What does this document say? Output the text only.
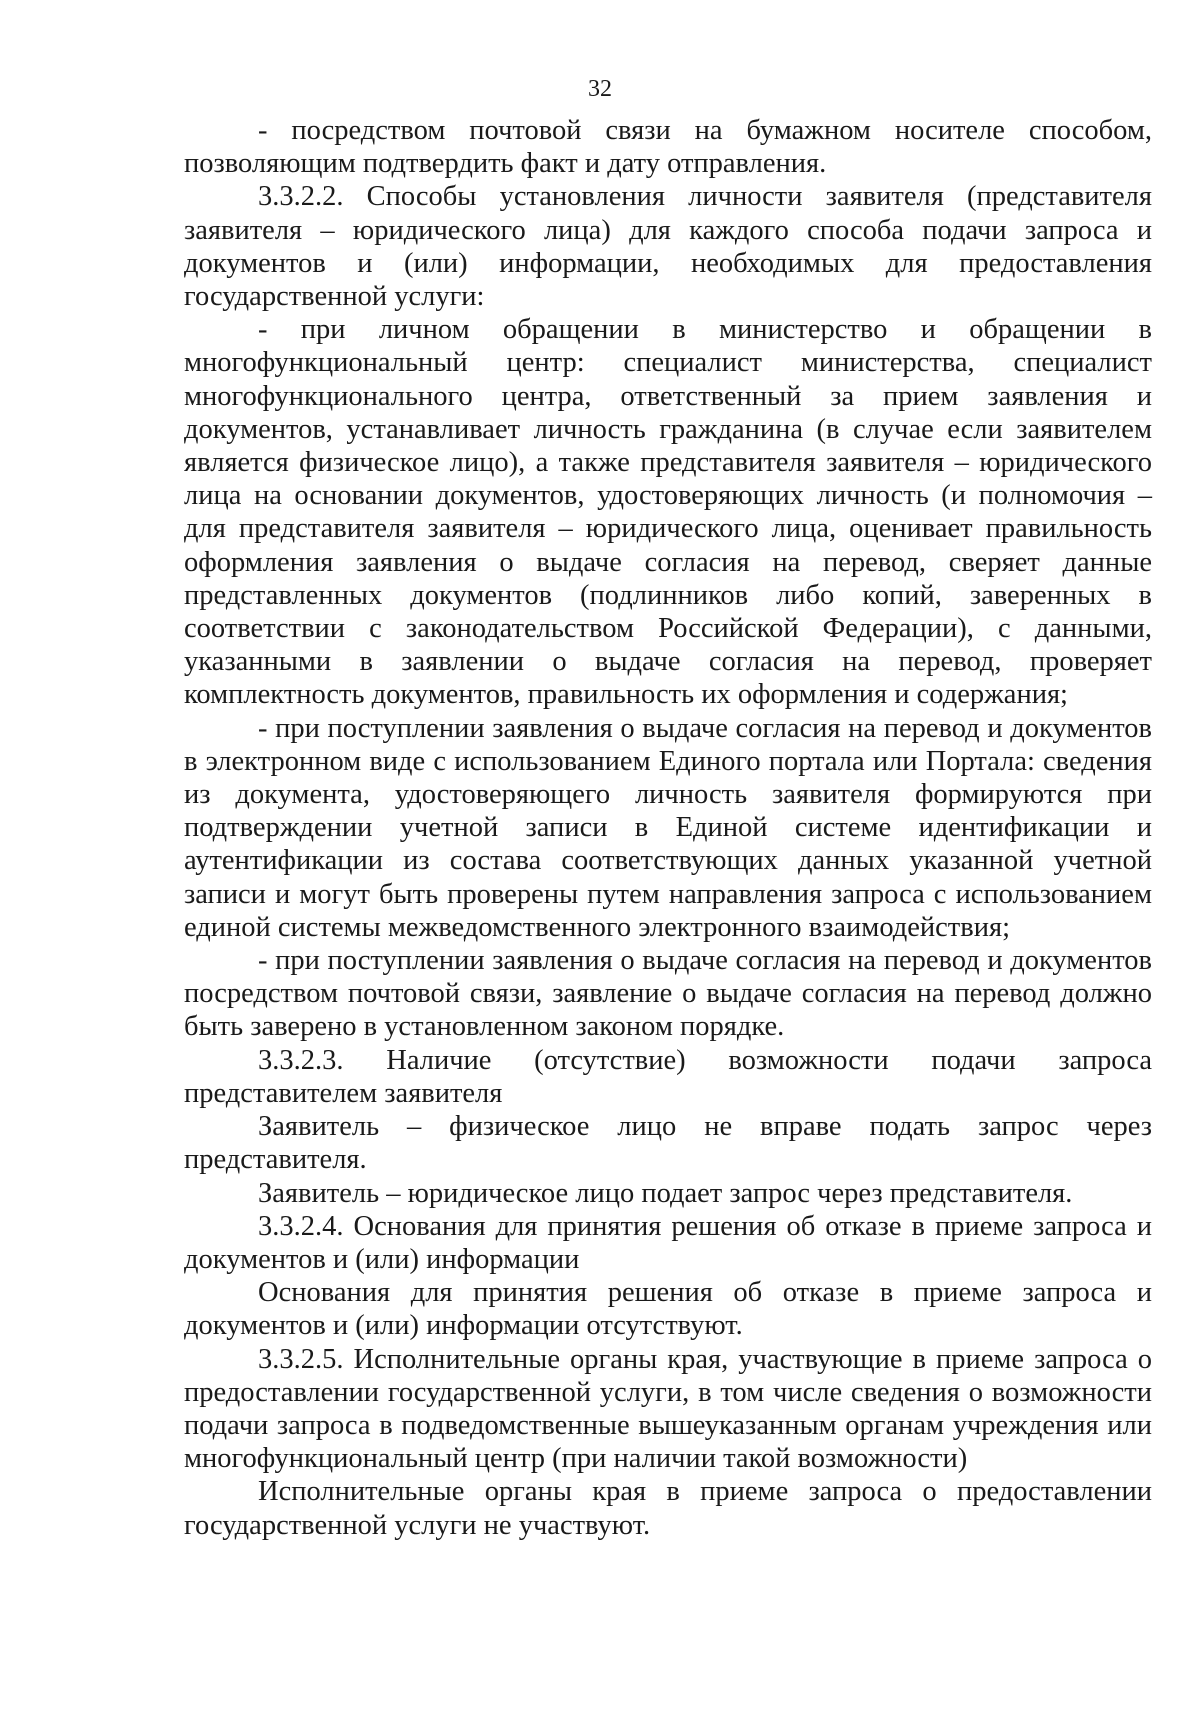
32

- посредством почтовой связи на бумажном носителе способом, позволяющим подтвердить факт и дату отправления.

3.3.2.2. Способы установления личности заявителя (представителя заявителя – юридического лица) для каждого способа подачи запроса и документов и (или) информации, необходимых для предоставления государственной услуги:

- при личном обращении в министерство и обращении в многофункциональный центр: специалист министерства, специалист многофункционального центра, ответственный за прием заявления и документов, устанавливает личность гражданина (в случае если заявителем является физическое лицо), а также представителя заявителя – юридического лица на основании документов, удостоверяющих личность (и полномочия – для представителя заявителя – юридического лица, оценивает правильность оформления заявления о выдаче согласия на перевод, сверяет данные представленных документов (подлинников либо копий, заверенных в соответствии с законодательством Российской Федерации), с данными, указанными в заявлении о выдаче согласия на перевод, проверяет комплектность документов, правильность их оформления и содержания;

- при поступлении заявления о выдаче согласия на перевод и документов в электронном виде с использованием Единого портала или Портала: сведения из документа, удостоверяющего личность заявителя формируются при подтверждении учетной записи в Единой системе идентификации и аутентификации из состава соответствующих данных указанной учетной записи и могут быть проверены путем направления запроса с использованием единой системы межведомственного электронного взаимодействия;

- при поступлении заявления о выдаче согласия на перевод и документов посредством почтовой связи, заявление о выдаче согласия на перевод должно быть заверено в установленном законом порядке.

3.3.2.3. Наличие (отсутствие) возможности подачи запроса представителем заявителя

Заявитель – физическое лицо не вправе подать запрос через представителя.

Заявитель – юридическое лицо подает запрос через представителя.

3.3.2.4. Основания для принятия решения об отказе в приеме запроса и документов и (или) информации

Основания для принятия решения об отказе в приеме запроса и документов и (или) информации отсутствуют.

3.3.2.5. Исполнительные органы края, участвующие в приеме запроса о предоставлении государственной услуги, в том числе сведения о возможности подачи запроса в подведомственные вышеуказанным органам учреждения или многофункциональный центр (при наличии такой возможности)

Исполнительные органы края в приеме запроса о предоставлении государственной услуги не участвуют.
